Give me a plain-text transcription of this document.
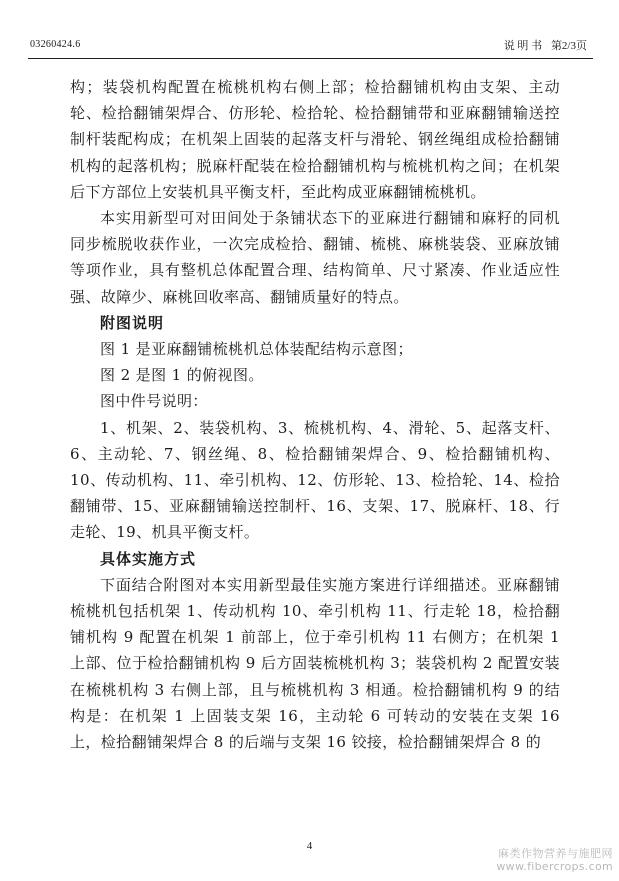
03260424.6	说 明 书 第2/3页

构；装袋机构配置在梳桃机构右侧上部；检拾翻铺机构由支架、主动轮、检拾翻铺架焊合、仿形轮、检拾轮、检拾翻铺带和亚麻翻铺输送控制杆装配构成；在机架上固装的起落支杆与滑轮、钢丝绳组成检拾翻铺机构的起落机构；脱麻杆配装在检拾翻铺机构与梳桃机构之间；在机架后下方部位上安装机具平衡支杆，至此构成亚麻翻铺梳桃机。

本实用新型可对田间处于条铺状态下的亚麻进行翻铺和麻籽的同机同步梳脱收获作业，一次完成检拾、翻铺、梳桃、麻桃装袋、亚麻放铺等项作业，具有整机总体配置合理、结构简单、尺寸紧凑、作业适应性强、故障少、麻桃回收率高、翻铺质量好的特点。

附图说明

图 1 是亚麻翻铺梳桃机总体装配结构示意图；

图 2 是图 1 的俯视图。

图中件号说明：

1、机架、2、装袋机构、3、梳桃机构、4、滑轮、5、起落支杆、6、主动轮、7、钢丝绳、8、检拾翻铺架焊合、9、检拾翻铺机构、10、传动机构、11、牵引机构、12、仿形轮、13、检拾轮、14、检拾翻铺带、15、亚麻翻铺输送控制杆、16、支架、17、脱麻杆、18、行走轮、19、机具平衡支杆。

具体实施方式

下面结合附图对本实用新型最佳实施方案进行详细描述。亚麻翻铺梳桃机包括机架 1、传动机构 10、牵引机构 11、行走轮 18，检拾翻铺机构 9 配置在机架 1 前部上，位于牵引机构 11 右侧方；在机架 1 上部、位于检拾翻铺机构 9 后方固装梳桃机构 3；装袋机构 2 配置安装在梳桃机构 3 右侧上部，且与梳桃机构 3 相通。检拾翻铺机构 9 的结构是：在机架 1 上固装支架 16，主动轮 6 可转动的安装在支架 16 上，检拾翻铺架焊合 8 的后端与支架 16 铰接，检拾翻铺架焊合 8 的

4
麻类作物营养与施肥网
www.fibercrops.com
